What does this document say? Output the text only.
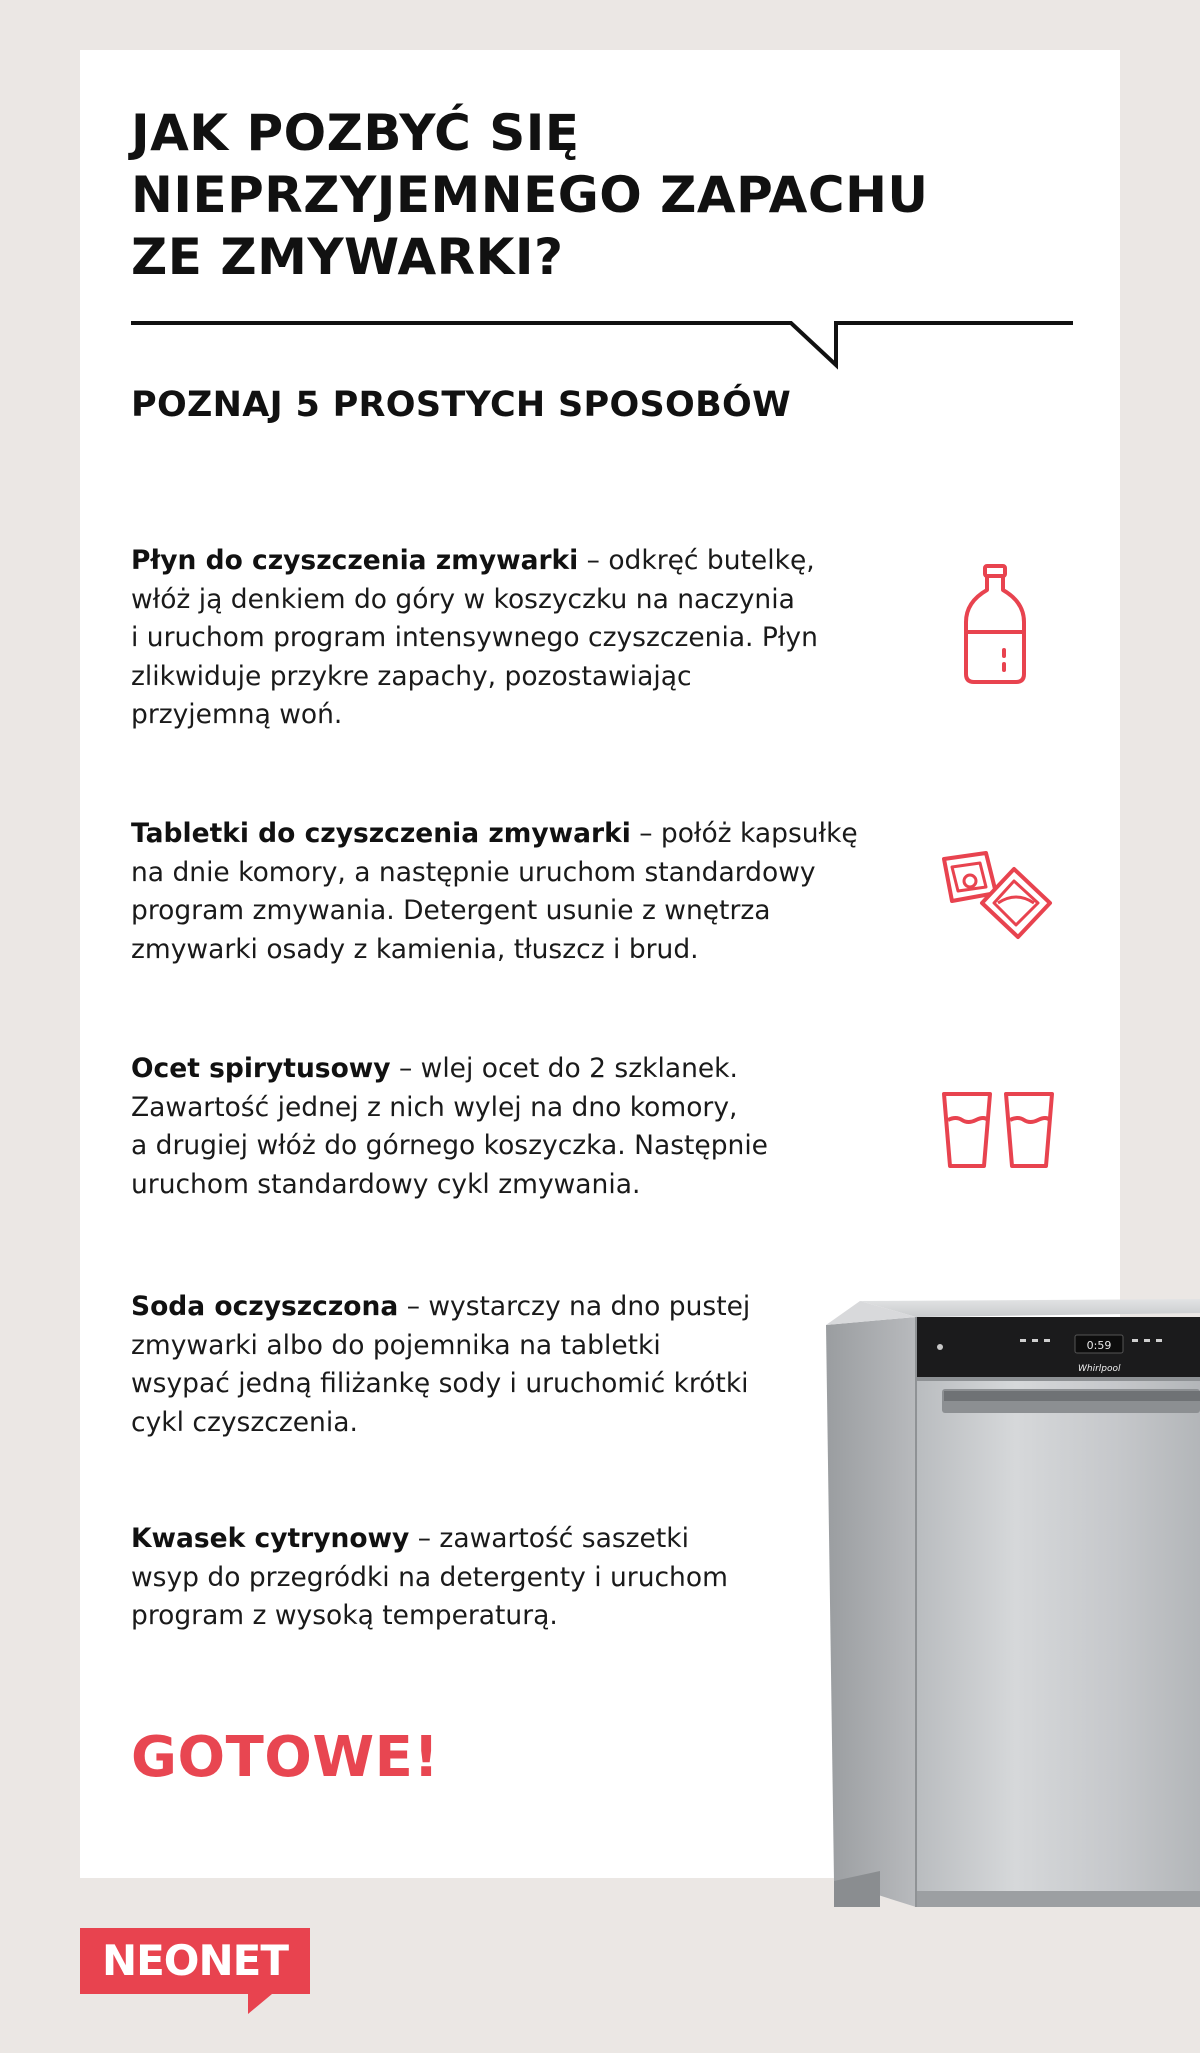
JAK POZBYĆ SIĘ
NIEPRZYJEMNEGO ZAPACHU
ZE ZMYWARKI?
POZNAJ 5 PROSTYCH SPOSOBÓW
Płyn do czyszczenia zmywarki – odkręć butelkę,
włóż ją denkiem do góry w koszyczku na naczynia
i uruchom program intensywnego czyszczenia. Płyn
zlikwiduje przykre zapachy, pozostawiając
przyjemną woń.
Tabletki do czyszczenia zmywarki – połóż kapsułkę
na dnie komory, a następnie uruchom standardowy
program zmywania. Detergent usunie z wnętrza
zmywarki osady z kamienia, tłuszcz i brud.
Ocet spirytusowy – wlej ocet do 2 szklanek.
Zawartość jednej z nich wylej na dno komory,
a drugiej włóż do górnego koszyczka. Następnie
uruchom standardowy cykl zmywania.
Soda oczyszczona – wystarczy na dno pustej
zmywarki albo do pojemnika na tabletki
wsypać jedną filiżankę sody i uruchomić krótki
cykl czyszczenia.
Kwasek cytrynowy – zawartość saszetki
wsyp do przegródki na detergenty i uruchom
program z wysoką temperaturą.
GOTOWE!
0:59
Whirlpool
NEONET
